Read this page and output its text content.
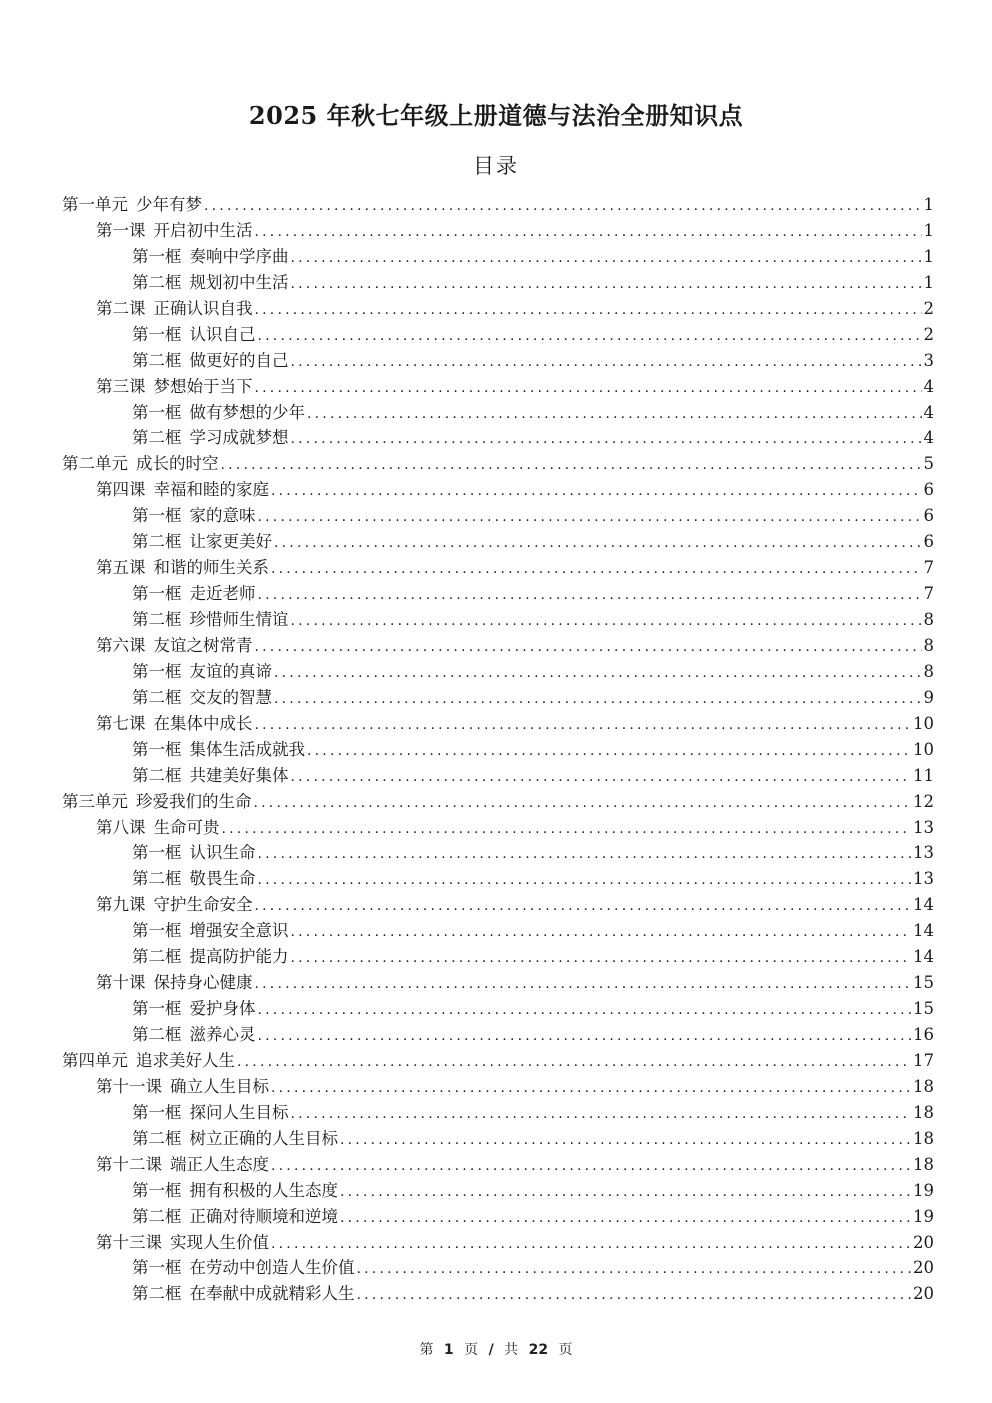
2025 年秋七年级上册道德与法治全册知识点
目录
第一单元 少年有梦 .....	1
第一课 开启初中生活 .....	1
第一框 奏响中学序曲 .....	1
第二框 规划初中生活 .....	1
第二课 正确认识自我 .....	2
第一框 认识自己 .....	2
第二框 做更好的自己 .....	3
第三课 梦想始于当下 .....	4
第一框 做有梦想的少年 .....	4
第二框 学习成就梦想 .....	4
第二单元 成长的时空 .....	5
第四课 幸福和睦的家庭 .....	6
第一框 家的意味 .....	6
第二框 让家更美好 .....	6
第五课 和谐的师生关系 .....	7
第一框 走近老师 .....	7
第二框 珍惜师生情谊 .....	8
第六课 友谊之树常青 .....	8
第一框 友谊的真谛 .....	8
第二框 交友的智慧 .....	9
第七课 在集体中成长 .....	10
第一框 集体生活成就我 .....	10
第二框 共建美好集体 .....	11
第三单元 珍爱我们的生命 .....	12
第八课 生命可贵 .....	13
第一框 认识生命 .....	13
第二框 敬畏生命 .....	13
第九课 守护生命安全 .....	14
第一框 增强安全意识 .....	14
第二框 提高防护能力 .....	14
第十课 保持身心健康 .....	15
第一框 爱护身体 .....	15
第二框 滋养心灵 .....	16
第四单元 追求美好人生 .....	17
第十一课 确立人生目标 .....	18
第一框 探问人生目标 .....	18
第二框 树立正确的人生目标 .....	18
第十二课 端正人生态度 .....	18
第一框 拥有积极的人生态度 .....	19
第二框 正确对待顺境和逆境 .....	19
第十三课 实现人生价值 .....	20
第一框 在劳动中创造人生价值 .....	20
第二框 在奉献中成就精彩人生 .....	20
第 1 页 / 共 22 页
